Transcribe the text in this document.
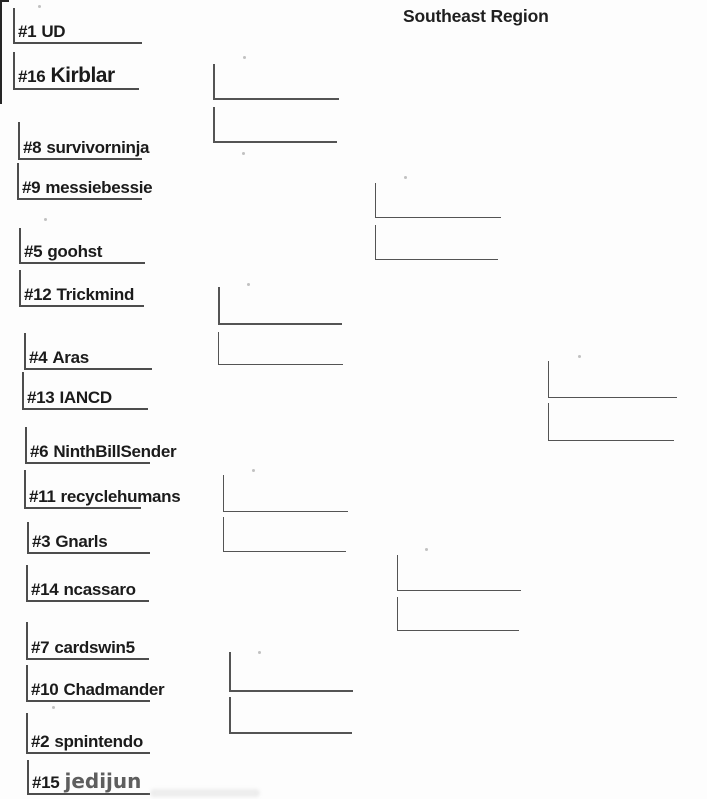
Southeast Region
#1 UD
#16 Kirblar
#8 survivorninja
#9 messiebessie
#5 goohst
#12 Trickmind
#4 Aras
#13 IANCD
#6 NinthBillSender
#11 recyclehumans
#3 Gnarls
#14 ncassaro
#7 cardswin5
#10 Chadmander
#2 spnintendo
#15 jedijun
